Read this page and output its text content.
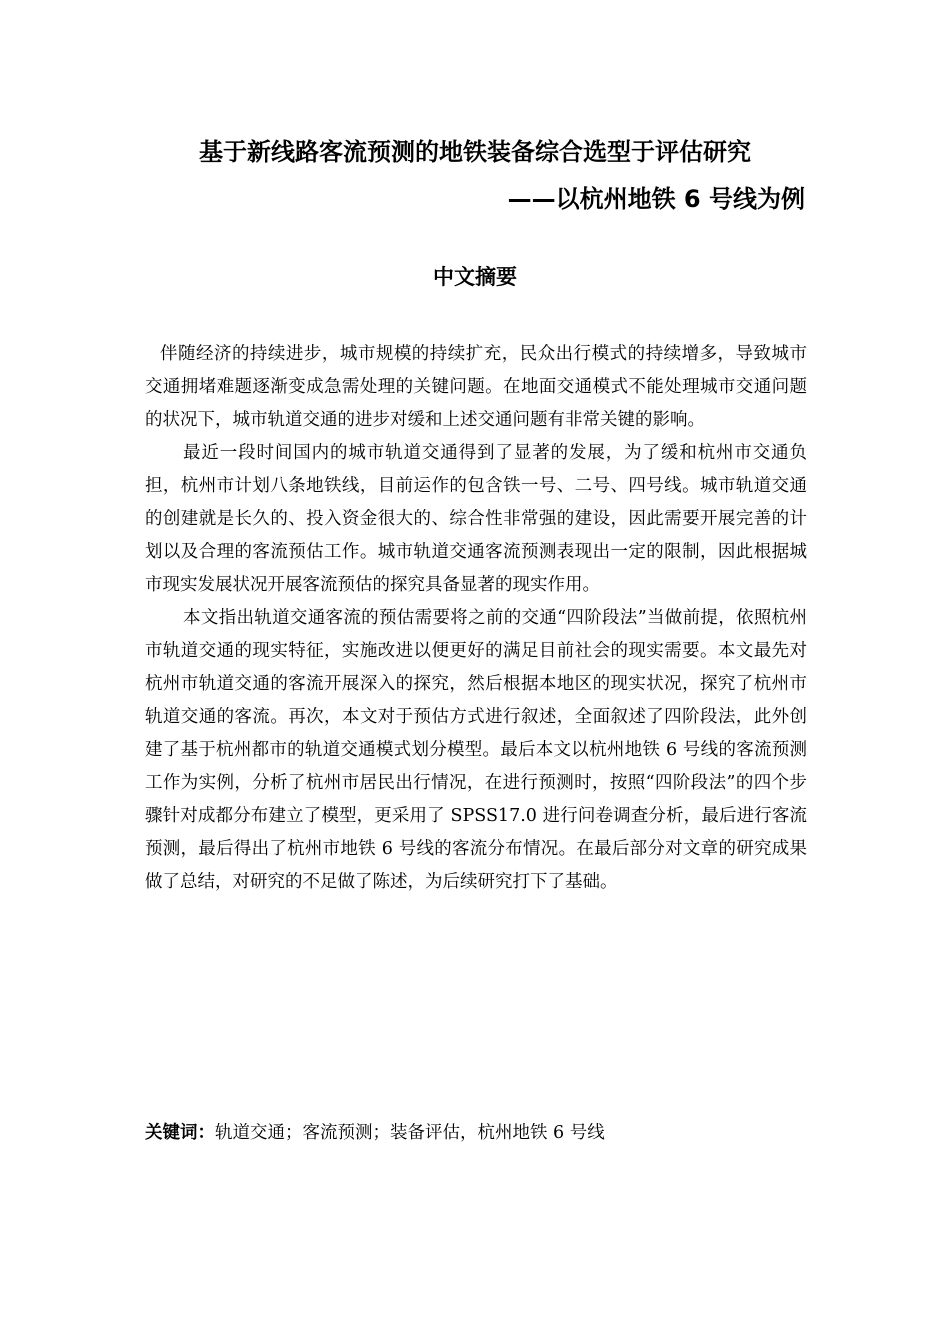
基于新线路客流预测的地铁装备综合选型于评估研究
——以杭州地铁 6 号线为例
中文摘要

伴随经济的持续进步，城市规模的持续扩充，民众出行模式的持续增多，导致城市交通拥堵难题逐渐变成急需处理的关键问题。在地面交通模式不能处理城市交通问题的状况下，城市轨道交通的进步对缓和上述交通问题有非常关键的影响。

最近一段时间国内的城市轨道交通得到了显著的发展，为了缓和杭州市交通负担，杭州市计划八条地铁线，目前运作的包含铁一号、二号、四号线。城市轨道交通的创建就是长久的、投入资金很大的、综合性非常强的建设，因此需要开展完善的计划以及合理的客流预估工作。城市轨道交通客流预测表现出一定的限制，因此根据城市现实发展状况开展客流预估的探究具备显著的现实作用。

本文指出轨道交通客流的预估需要将之前的交通“四阶段法”当做前提，依照杭州市轨道交通的现实特征，实施改进以便更好的满足目前社会的现实需要。本文最先对杭州市轨道交通的客流开展深入的探究，然后根据本地区的现实状况，探究了杭州市轨道交通的客流。再次，本文对于预估方式进行叙述，全面叙述了四阶段法，此外创建了基于杭州都市的轨道交通模式划分模型。最后本文以杭州地铁 6 号线的客流预测工作为实例，分析了杭州市居民出行情况，在进行预测时，按照“四阶段法”的四个步骤针对成都分布建立了模型，更采用了 SPSS17.0 进行问卷调查分析，最后进行客流预测，最后得出了杭州市地铁 6 号线的客流分布情况。在最后部分对文章的研究成果做了总结，对研究的不足做了陈述，为后续研究打下了基础。

关键词：轨道交通；客流预测；装备评估，杭州地铁 6 号线
